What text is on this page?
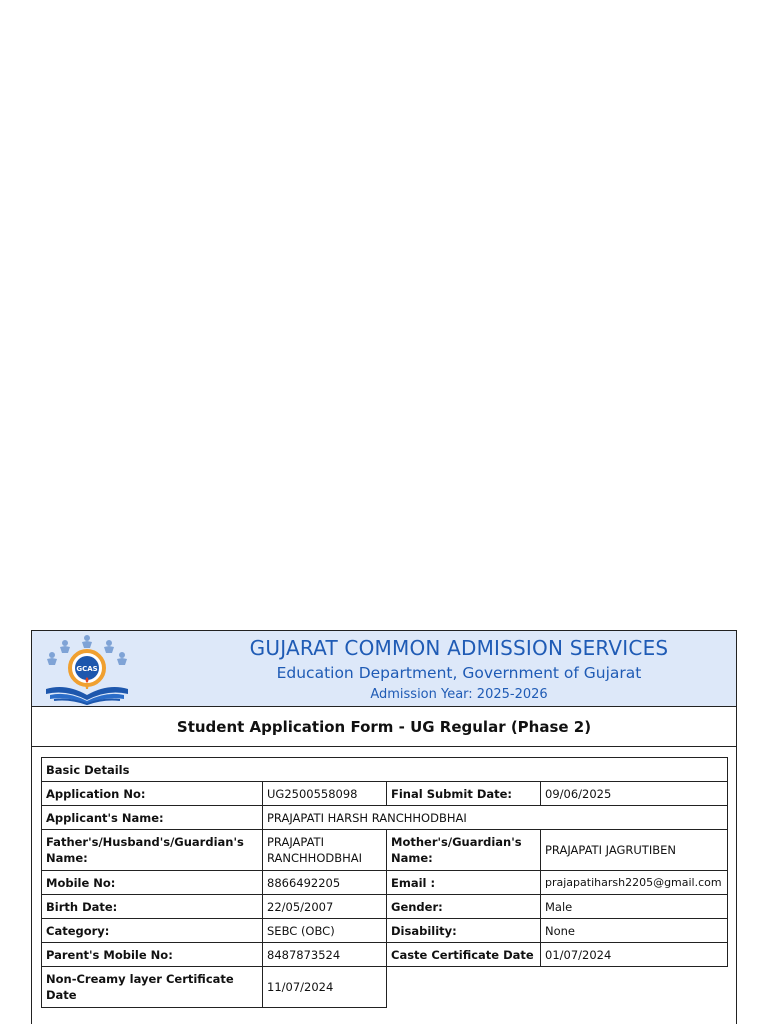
GCAS
GUJARAT COMMON ADMISSION SERVICES
Education Department, Government of Gujarat
Admission Year: 2025-2026
Student Application Form - UG Regular (Phase 2)
Basic Details			
Application No:	UG2500558098	Final Submit Date:	09/06/2025
Applicant's Name:	PRAJAPATI HARSH RANCHHODBHAI		
Father's/Husband's/Guardian's Name:	PRAJAPATI RANCHHODBHAI	Mother's/Guardian's Name:	PRAJAPATI JAGRUTIBEN
Mobile No:	8866492205	Email :	prajapatiharsh2205@gmail.com
Birth Date:	22/05/2007	Gender:	Male
Category:	SEBC (OBC)	Disability:	None
Parent's Mobile No:	8487873524	Caste Certificate Date	01/07/2024
Non-Creamy layer Certificate Date	11/07/2024		
